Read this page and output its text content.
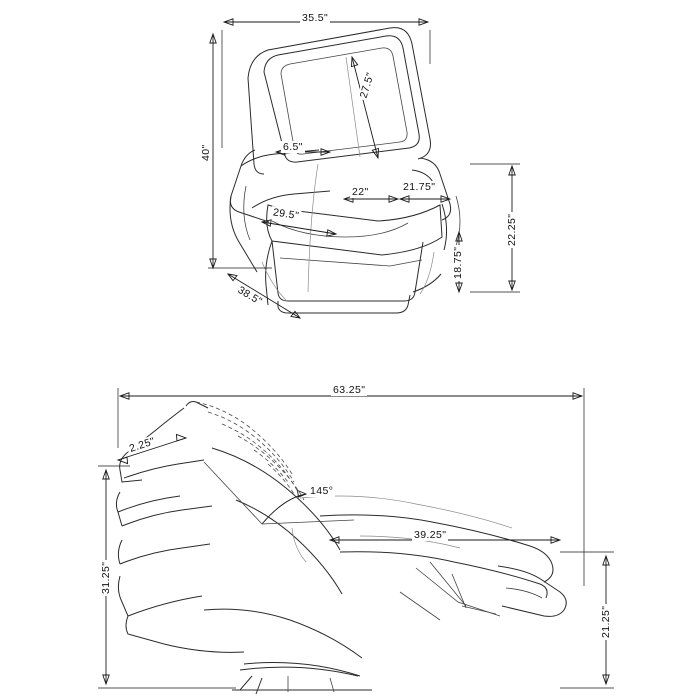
35.5"
40"
27.5"
6.5"
22"	21.75"
29.5"
38.5"
18.75"
22.25"
63.25"
2.25"
145°
39.25"
31.25"
21.25"
